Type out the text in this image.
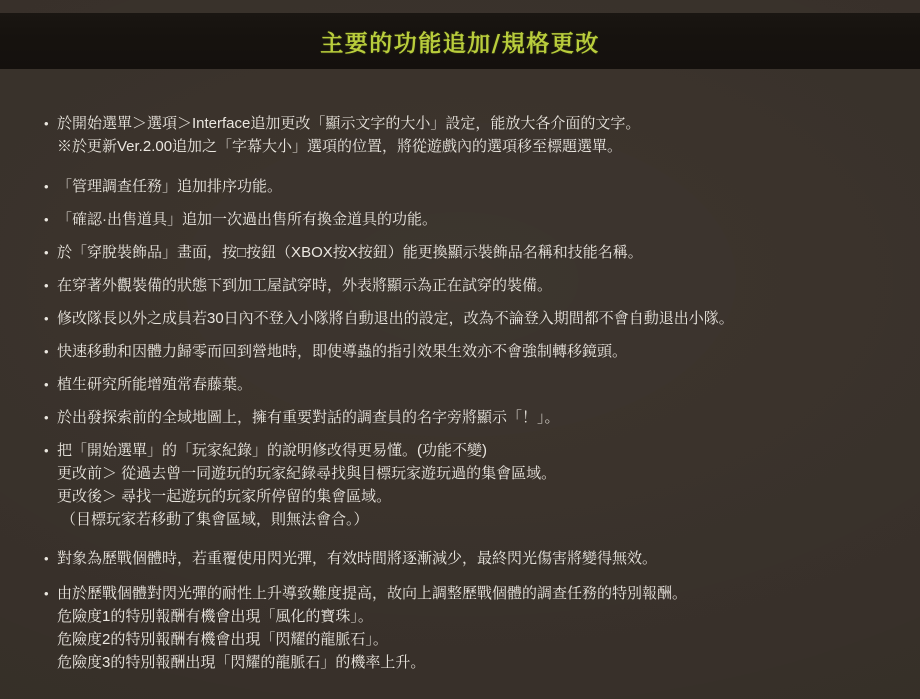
主要的功能追加/規格更改
• 於開始選單＞選項＞Interface追加更改「顯示文字的大小」設定，能放大各介面的文字。
※於更新Ver.2.00追加之「字幕大小」選項的位置，將從遊戲內的選項移至標題選單。
• 「管理調查任務」追加排序功能。
• 「確認·出售道具」追加一次過出售所有換金道具的功能。
• 於「穿脫裝飾品」畫面，按□按鈕（XBOX按X按鈕）能更換顯示裝飾品名稱和技能名稱。
• 在穿著外觀裝備的狀態下到加工屋試穿時，外表將顯示為正在試穿的裝備。
• 修改隊長以外之成員若30日內不登入小隊將自動退出的設定，改為不論登入期間都不會自動退出小隊。
• 快速移動和因體力歸零而回到營地時，即使導蟲的指引效果生效亦不會強制轉移鏡頭。
• 植生研究所能增殖常春藤葉。
• 於出發探索前的全域地圖上，擁有重要對話的調查員的名字旁將顯示「！」。
• 把「開始選單」的「玩家紀錄」的說明修改得更易懂。(功能不變)
更改前＞ 從過去曾一同遊玩的玩家紀錄尋找與目標玩家遊玩過的集會區域。
更改後＞ 尋找一起遊玩的玩家所停留的集會區域。
（目標玩家若移動了集會區域，則無法會合。）
• 對象為歷戰個體時，若重覆使用閃光彈，有效時間將逐漸減少，最終閃光傷害將變得無效。
• 由於歷戰個體對閃光彈的耐性上升導致難度提高，故向上調整歷戰個體的調查任務的特別報酬。
危險度1的特別報酬有機會出現「風化的寶珠」。
危險度2的特別報酬有機會出現「閃耀的龍脈石」。
危險度3的特別報酬出現「閃耀的龍脈石」的機率上升。
